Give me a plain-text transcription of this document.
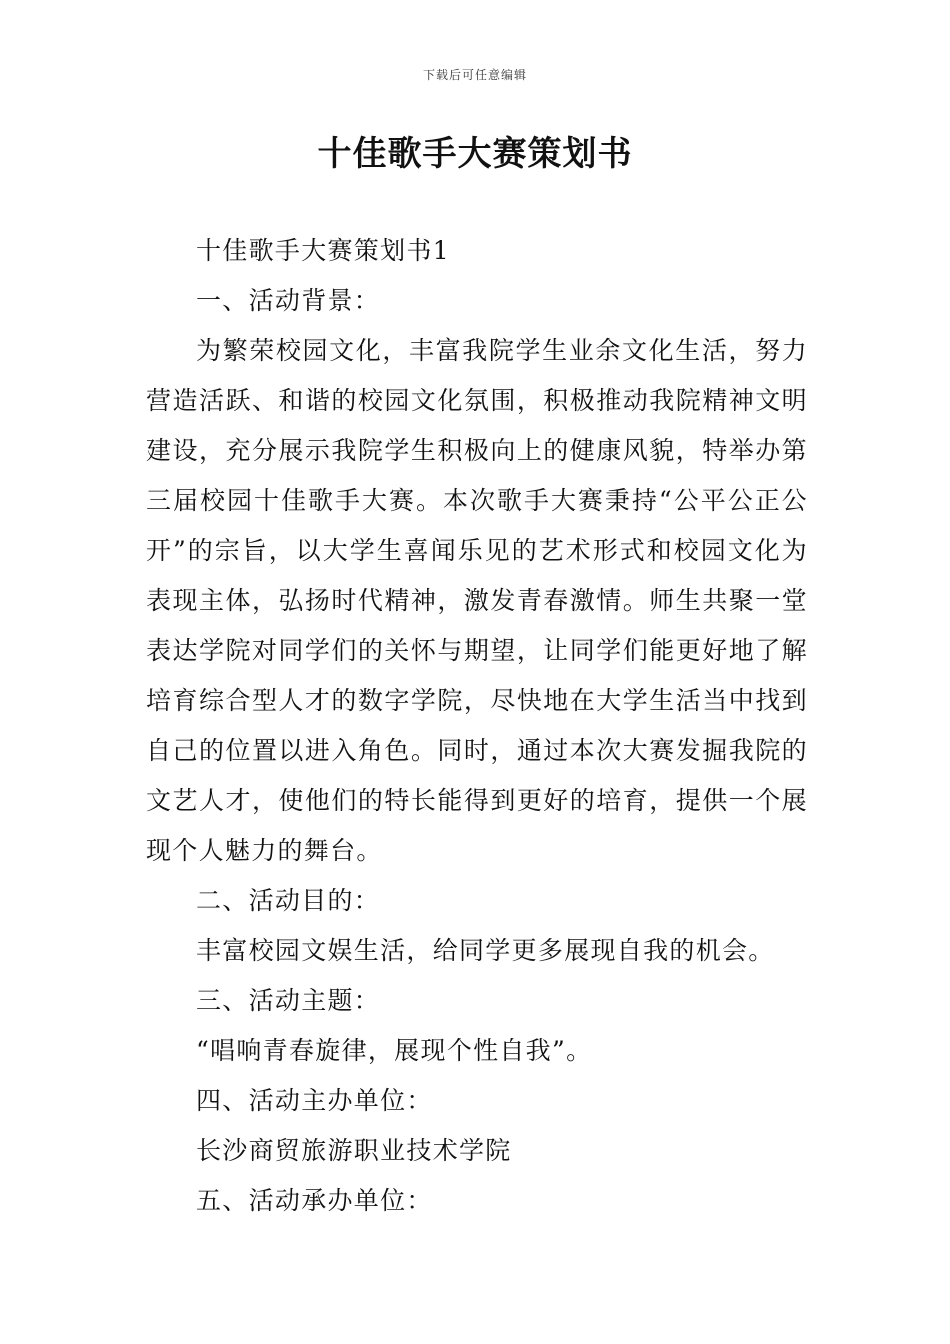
下载后可任意编辑
十佳歌手大赛策划书

十佳歌手大赛策划书1

一、活动背景：

为繁荣校园文化，丰富我院学生业余文化生活，努力营造活跃、和谐的校园文化氛围，积极推动我院精神文明建设，充分展示我院学生积极向上的健康风貌，特举办第三届校园十佳歌手大赛。本次歌手大赛秉持“公平公正公开”的宗旨，以大学生喜闻乐见的艺术形式和校园文化为表现主体，弘扬时代精神，激发青春激情。师生共聚一堂表达学院对同学们的关怀与期望，让同学们能更好地了解培育综合型人才的数字学院，尽快地在大学生活当中找到自己的位置以进入角色。同时，通过本次大赛发掘我院的文艺人才，使他们的特长能得到更好的培育，提供一个展现个人魅力的舞台。

二、活动目的：

丰富校园文娱生活，给同学更多展现自我的机会。

三、活动主题：

“唱响青春旋律，展现个性自我”。

四、活动主办单位：

长沙商贸旅游职业技术学院

五、活动承办单位：
